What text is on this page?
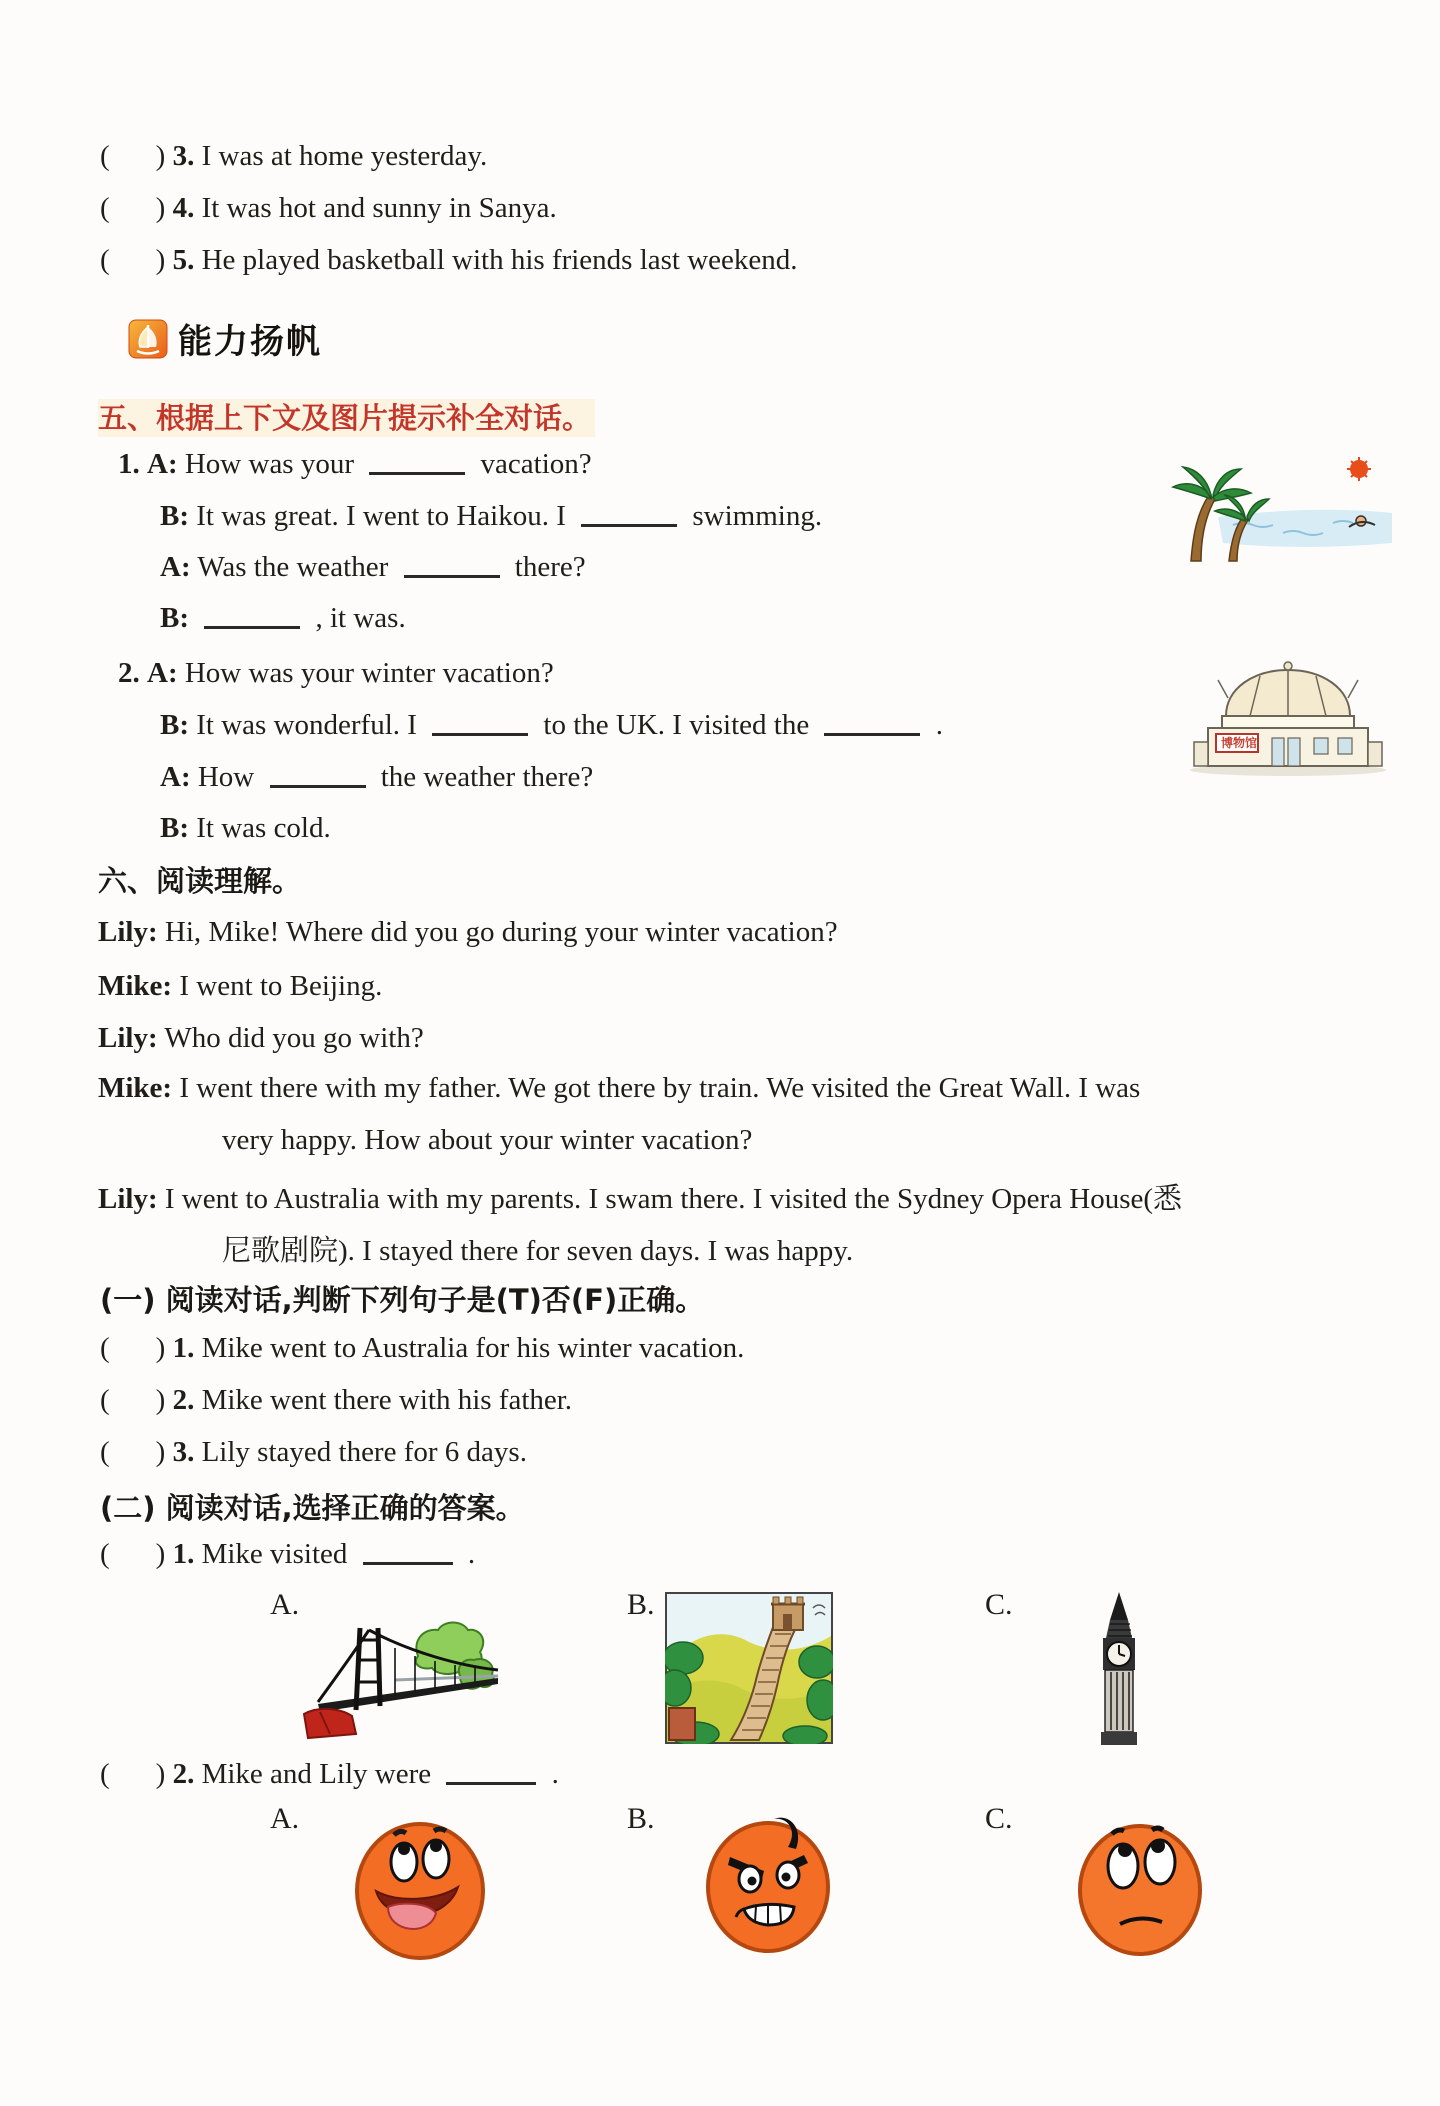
( ) 3. I was at home yesterday.
( ) 4. It was hot and sunny in Sanya.
( ) 5. He played basketball with his friends last weekend.
能力扬帆
五、根据上下文及图片提示补全对话。
1. A: How was your	vacation?
B: It was great. I went to Haikou. I	swimming.
A: Was the weather	there?
B:	, it was.
2. A: How was your winter vacation?
B: It was wonderful. I	to the UK. I visited the	.
A: How	the weather there?
B: It was cold.
博物馆
六、阅读理解。
Lily: Hi, Mike! Where did you go during your winter vacation?
Mike: I went to Beijing.
Lily: Who did you go with?
Mike: I went there with my father. We got there by train. We visited the Great Wall. I was
very happy. How about your winter vacation?
Lily: I went to Australia with my parents. I swam there. I visited the Sydney Opera House(悉
尼歌剧院). I stayed there for seven days. I was happy.
(一) 阅读对话,判断下列句子是(T)否(F)正确。
( ) 1. Mike went to Australia for his winter vacation.
( ) 2. Mike went there with his father.
( ) 3. Lily stayed there for 6 days.
(二) 阅读对话,选择正确的答案。
( ) 1. Mike visited	.
A.	B.	C.
( ) 2. Mike and Lily were	.
A.	B.	C.
